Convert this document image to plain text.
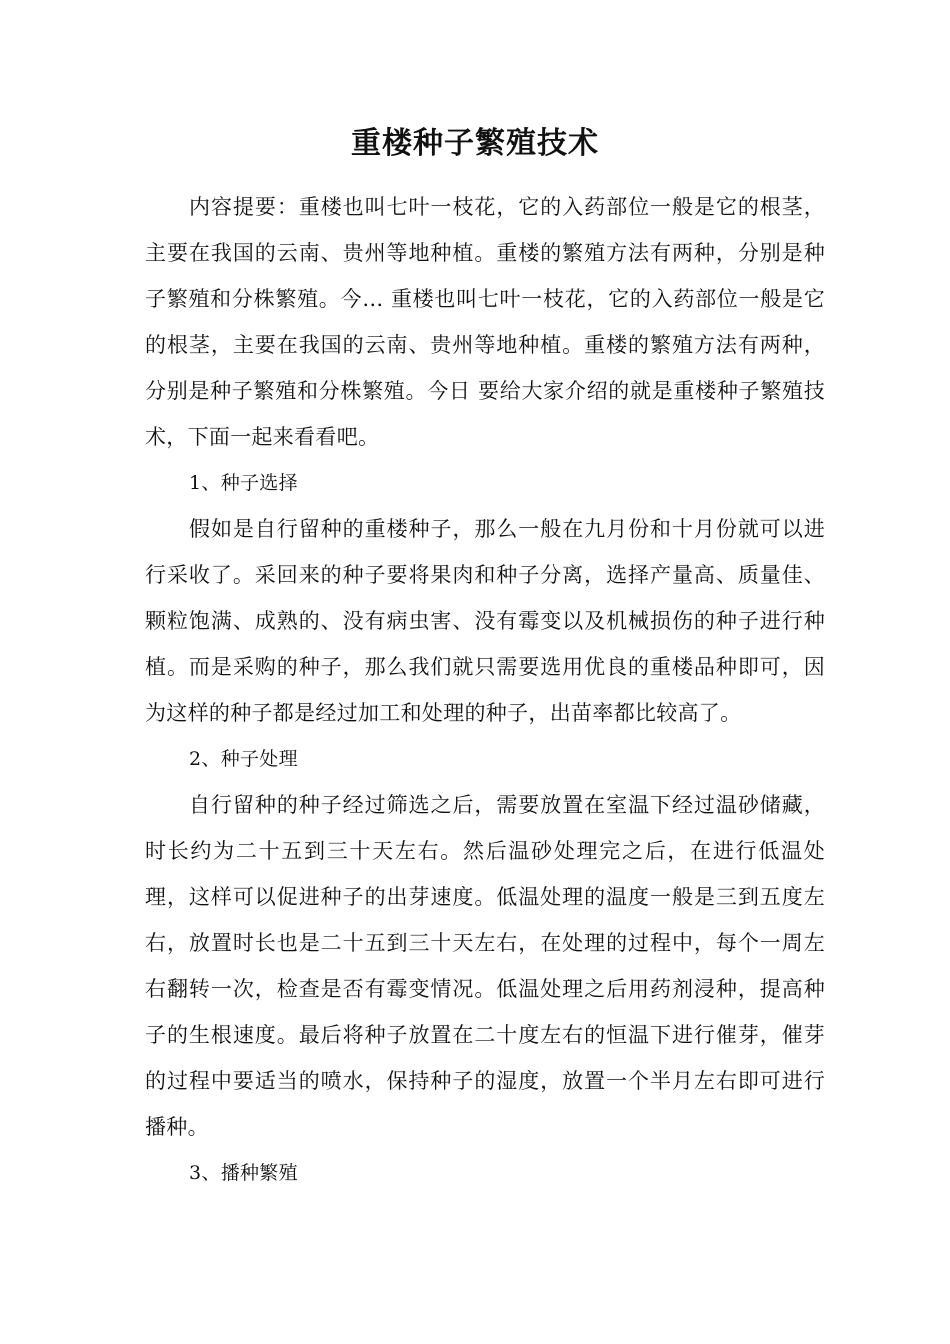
重楼种子繁殖技术

内容提要：重楼也叫七叶一枝花，它的入药部位一般是它的根茎，主要在我国的云南、贵州等地种植。重楼的繁殖方法有两种，分别是种子繁殖和分株繁殖。今… 重楼也叫七叶一枝花，它的入药部位一般是它的根茎，主要在我国的云南、贵州等地种植。重楼的繁殖方法有两种，分别是种子繁殖和分株繁殖。今日 要给大家介绍的就是重楼种子繁殖技术，下面一起来看看吧。

1、种子选择

假如是自行留种的重楼种子，那么一般在九月份和十月份就可以进行采收了。采回来的种子要将果肉和种子分离，选择产量高、质量佳、颗粒饱满、成熟的、没有病虫害、没有霉变以及机械损伤的种子进行种植。而是采购的种子，那么我们就只需要选用优良的重楼品种即可，因为这样的种子都是经过加工和处理的种子，出苗率都比较高了。

2、种子处理

自行留种的种子经过筛选之后，需要放置在室温下经过温砂储藏，时长约为二十五到三十天左右。然后温砂处理完之后，在进行低温处理，这样可以促进种子的出芽速度。低温处理的温度一般是三到五度左右，放置时长也是二十五到三十天左右，在处理的过程中，每个一周左右翻转一次，检查是否有霉变情况。低温处理之后用药剂浸种，提高种子的生根速度。最后将种子放置在二十度左右的恒温下进行催芽，催芽的过程中要适当的喷水，保持种子的湿度，放置一个半月左右即可进行播种。

3、播种繁殖
